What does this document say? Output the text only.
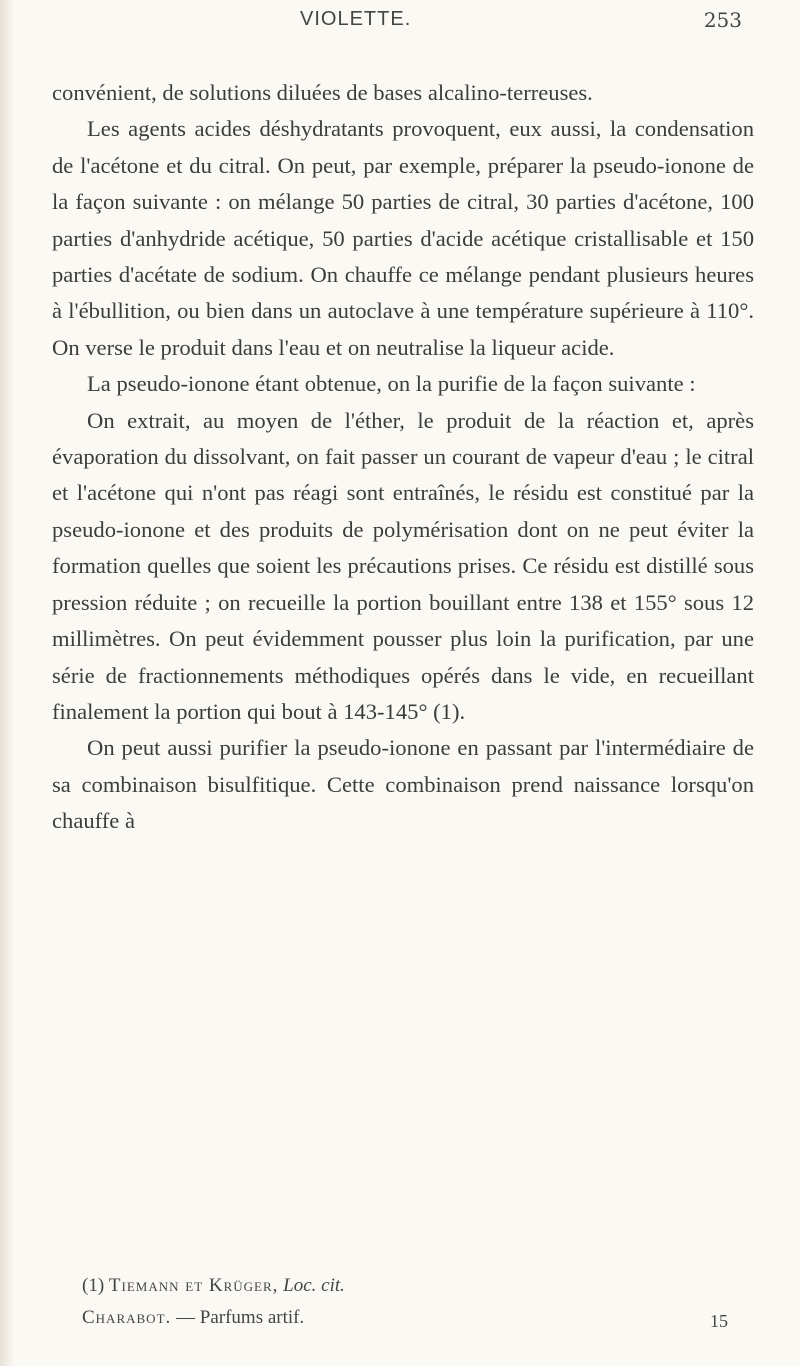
VIOLETTE.	253

convénient, de solutions diluées de bases alcalino-terreuses.

Les agents acides déshydratants provoquent, eux aussi, la condensation de l'acétone et du citral. On peut, par exemple, préparer la pseudo-ionone de la façon suivante : on mélange 50 parties de citral, 30 parties d'acétone, 100 parties d'anhydride acétique, 50 parties d'acide acétique cristallisable et 150 parties d'acétate de sodium. On chauffe ce mélange pendant plusieurs heures à l'ébullition, ou bien dans un autoclave à une température supérieure à 110°. On verse le produit dans l'eau et on neutralise la liqueur acide.

La pseudo-ionone étant obtenue, on la purifie de la façon suivante :

On extrait, au moyen de l'éther, le produit de la réaction et, après évaporation du dissolvant, on fait passer un courant de vapeur d'eau ; le citral et l'acétone qui n'ont pas réagi sont entraînés, le résidu est constitué par la pseudo-ionone et des produits de polymérisation dont on ne peut éviter la formation quelles que soient les précautions prises. Ce résidu est distillé sous pression réduite ; on recueille la portion bouillant entre 138 et 155° sous 12 millimètres. On peut évidemment pousser plus loin la purification, par une série de fractionnements méthodiques opérés dans le vide, en recueillant finalement la portion qui bout à 143-145° (1).

On peut aussi purifier la pseudo-ionone en passant par l'intermédiaire de sa combinaison bisulfitique. Cette combinaison prend naissance lorsqu'on chauffe à

(1) Tiemann et Krüger, Loc. cit.

Charabot. — Parfums artif.	15
